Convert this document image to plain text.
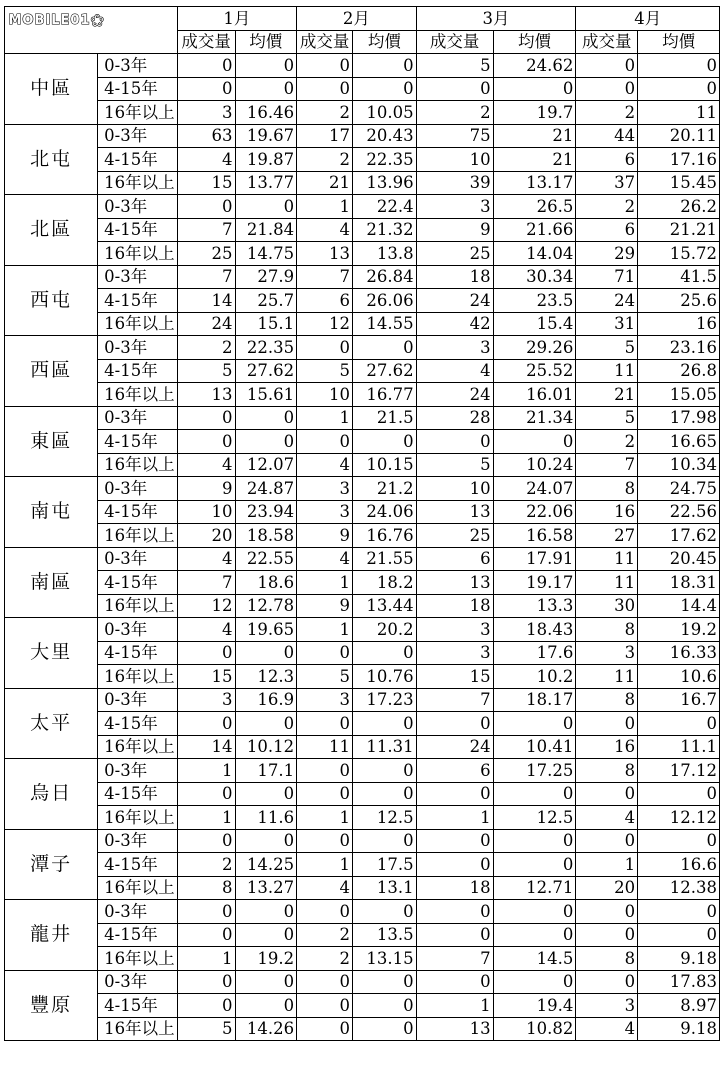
MOBILE01❀		1月		2月		3月		4月	
		成交量	均價	成交量	均價	成交量	均價	成交量	均價
中區	0-3年	0	0	0	0	5	24.62	0	0
	4-15年	0	0	0	0	0	0	0	0
	16年以上	3	16.46	2	10.05	2	19.7	2	11
北屯	0-3年	63	19.67	17	20.43	75	21	44	20.11
	4-15年	4	19.87	2	22.35	10	21	6	17.16
	16年以上	15	13.77	21	13.96	39	13.17	37	15.45
北區	0-3年	0	0	1	22.4	3	26.5	2	26.2
	4-15年	7	21.84	4	21.32	9	21.66	6	21.21
	16年以上	25	14.75	13	13.8	25	14.04	29	15.72
西屯	0-3年	7	27.9	7	26.84	18	30.34	71	41.5
	4-15年	14	25.7	6	26.06	24	23.5	24	25.6
	16年以上	24	15.1	12	14.55	42	15.4	31	16
西區	0-3年	2	22.35	0	0	3	29.26	5	23.16
	4-15年	5	27.62	5	27.62	4	25.52	11	26.8
	16年以上	13	15.61	10	16.77	24	16.01	21	15.05
東區	0-3年	0	0	1	21.5	28	21.34	5	17.98
	4-15年	0	0	0	0	0	0	2	16.65
	16年以上	4	12.07	4	10.15	5	10.24	7	10.34
南屯	0-3年	9	24.87	3	21.2	10	24.07	8	24.75
	4-15年	10	23.94	3	24.06	13	22.06	16	22.56
	16年以上	20	18.58	9	16.76	25	16.58	27	17.62
南區	0-3年	4	22.55	4	21.55	6	17.91	11	20.45
	4-15年	7	18.6	1	18.2	13	19.17	11	18.31
	16年以上	12	12.78	9	13.44	18	13.3	30	14.4
大里	0-3年	4	19.65	1	20.2	3	18.43	8	19.2
	4-15年	0	0	0	0	3	17.6	3	16.33
	16年以上	15	12.3	5	10.76	15	10.2	11	10.6
太平	0-3年	3	16.9	3	17.23	7	18.17	8	16.7
	4-15年	0	0	0	0	0	0	0	0
	16年以上	14	10.12	11	11.31	24	10.41	16	11.1
烏日	0-3年	1	17.1	0	0	6	17.25	8	17.12
	4-15年	0	0	0	0	0	0	0	0
	16年以上	1	11.6	1	12.5	1	12.5	4	12.12
潭子	0-3年	0	0	0	0	0	0	0	0
	4-15年	2	14.25	1	17.5	0	0	1	16.6
	16年以上	8	13.27	4	13.1	18	12.71	20	12.38
龍井	0-3年	0	0	0	0	0	0	0	0
	4-15年	0	0	2	13.5	0	0	0	0
	16年以上	1	19.2	2	13.15	7	14.5	8	9.18
豐原	0-3年	0	0	0	0	0	0	0	17.83
	4-15年	0	0	0	0	1	19.4	3	8.97
	16年以上	5	14.26	0	0	13	10.82	4	9.18
